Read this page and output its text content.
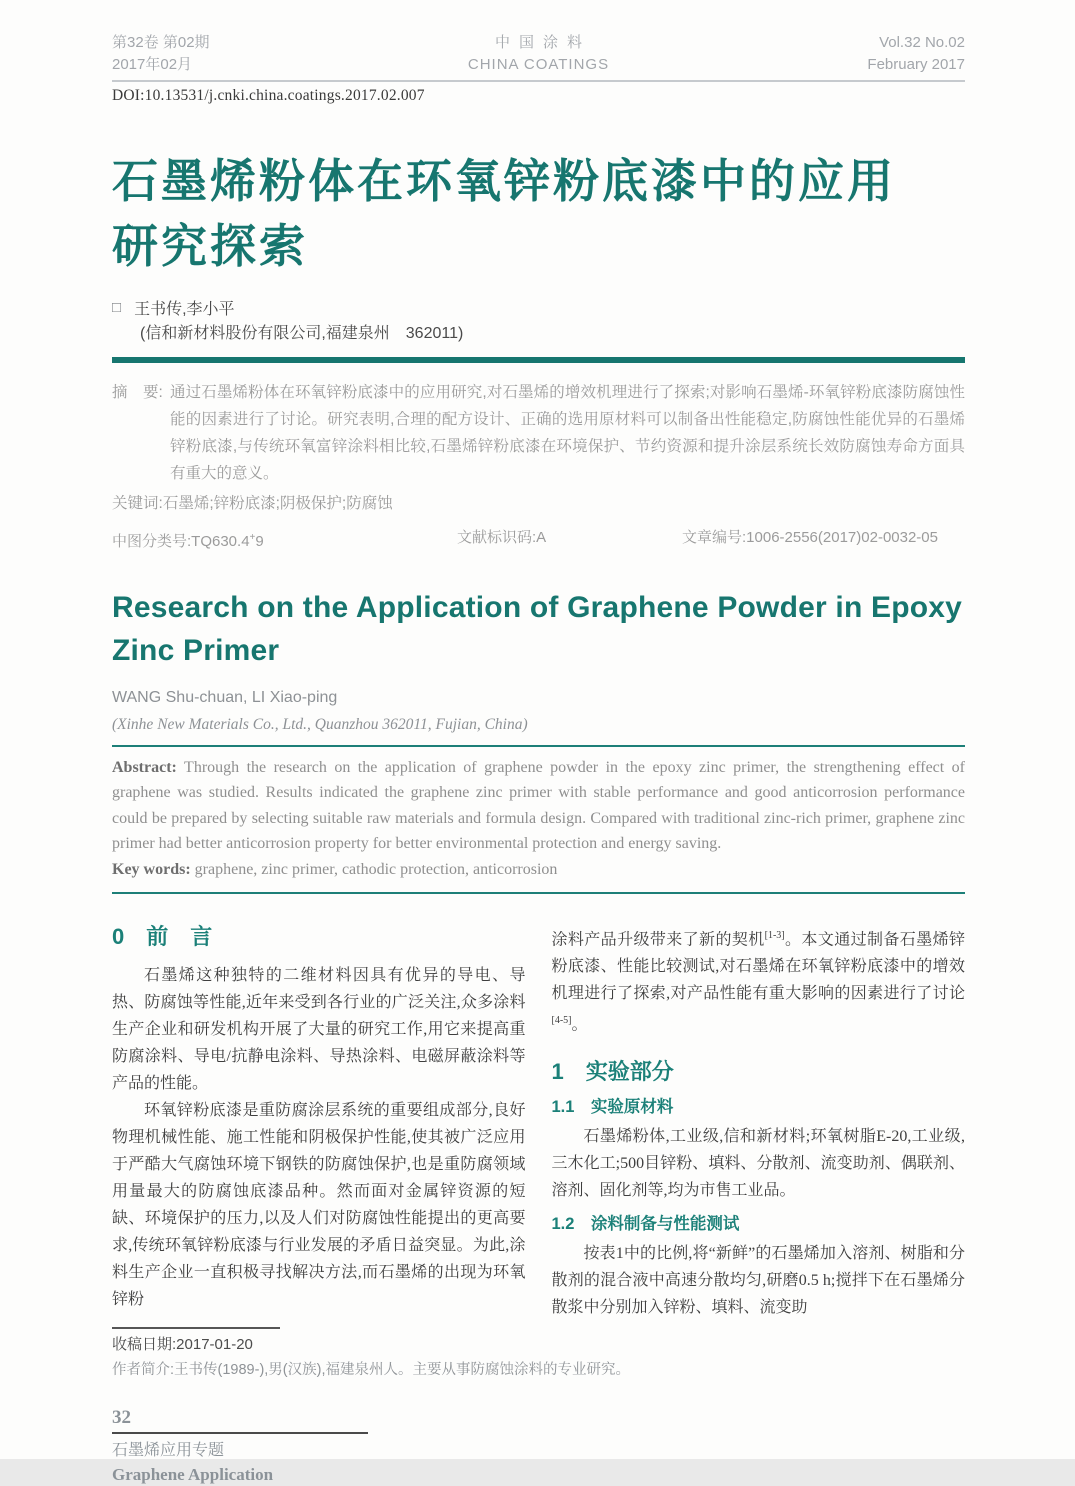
第32卷 第02期
2017年02月
中国涂料
CHINA COATINGS
Vol.32 No.02
February 2017
DOI:10.13531/j.cnki.china.coatings.2017.02.007
石墨烯粉体在环氧锌粉底漆中的应用
研究探索
□ 王书传,李小平
(信和新材料股份有限公司,福建泉州　362011)
摘　要: 通过石墨烯粉体在环氧锌粉底漆中的应用研究,对石墨烯的增效机理进行了探索;对影响石墨烯-环氧锌粉底漆防腐蚀性能的因素进行了讨论。研究表明,合理的配方设计、正确的选用原材料可以制备出性能稳定,防腐蚀性能优异的石墨烯锌粉底漆,与传统环氧富锌涂料相比较,石墨烯锌粉底漆在环境保护、节约资源和提升涂层系统长效防腐蚀寿命方面具有重大的意义。
关键词:石墨烯;锌粉底漆;阴极保护;防腐蚀
中图分类号:TQ630.4+9	文献标识码:A	文章编号:1006-2556(2017)02-0032-05
Research on the Application of Graphene Powder in Epoxy Zinc Primer
WANG Shu-chuan, LI Xiao-ping
(Xinhe New Materials Co., Ltd., Quanzhou 362011, Fujian, China)

Abstract: Through the research on the application of graphene powder in the epoxy zinc primer, the strengthening effect of graphene was studied. Results indicated the graphene zinc primer with stable performance and good anticorrosion performance could be prepared by selecting suitable raw materials and formula design. Compared with traditional zinc-rich primer, graphene zinc primer had better anticorrosion property for better environmental protection and energy saving.

Key words: graphene, zinc primer, cathodic protection, anticorrosion

0　前　言

石墨烯这种独特的二维材料因具有优异的导电、导热、防腐蚀等性能,近年来受到各行业的广泛关注,众多涂料生产企业和研发机构开展了大量的研究工作,用它来提高重防腐涂料、导电/抗静电涂料、导热涂料、电磁屏蔽涂料等产品的性能。

环氧锌粉底漆是重防腐涂层系统的重要组成部分,良好物理机械性能、施工性能和阴极保护性能,使其被广泛应用于严酷大气腐蚀环境下钢铁的防腐蚀保护,也是重防腐领域用量最大的防腐蚀底漆品种。然而面对金属锌资源的短缺、环境保护的压力,以及人们对防腐蚀性能提出的更高要求,传统环氧锌粉底漆与行业发展的矛盾日益突显。为此,涂料生产企业一直积极寻找解决方法,而石墨烯的出现为环氧锌粉

涂料产品升级带来了新的契机[1-3]。本文通过制备石墨烯锌粉底漆、性能比较测试,对石墨烯在环氧锌粉底漆中的增效机理进行了探索,对产品性能有重大影响的因素进行了讨论[4-5]。

1　实验部分
1.1　实验原材料

石墨烯粉体,工业级,信和新材料;环氧树脂E-20,工业级,三木化工;500目锌粉、填料、分散剂、流变助剂、偶联剂、溶剂、固化剂等,均为市售工业品。

1.2　涂料制备与性能测试

按表1中的比例,将“新鲜”的石墨烯加入溶剂、树脂和分散剂的混合液中高速分散均匀,研磨0.5 h;搅拌下在石墨烯分散浆中分别加入锌粉、填料、流变助

收稿日期:2017-01-20
作者简介:王书传(1989-),男(汉族),福建泉州人。主要从事防腐蚀涂料的专业研究。
32
石墨烯应用专题
Graphene Application
